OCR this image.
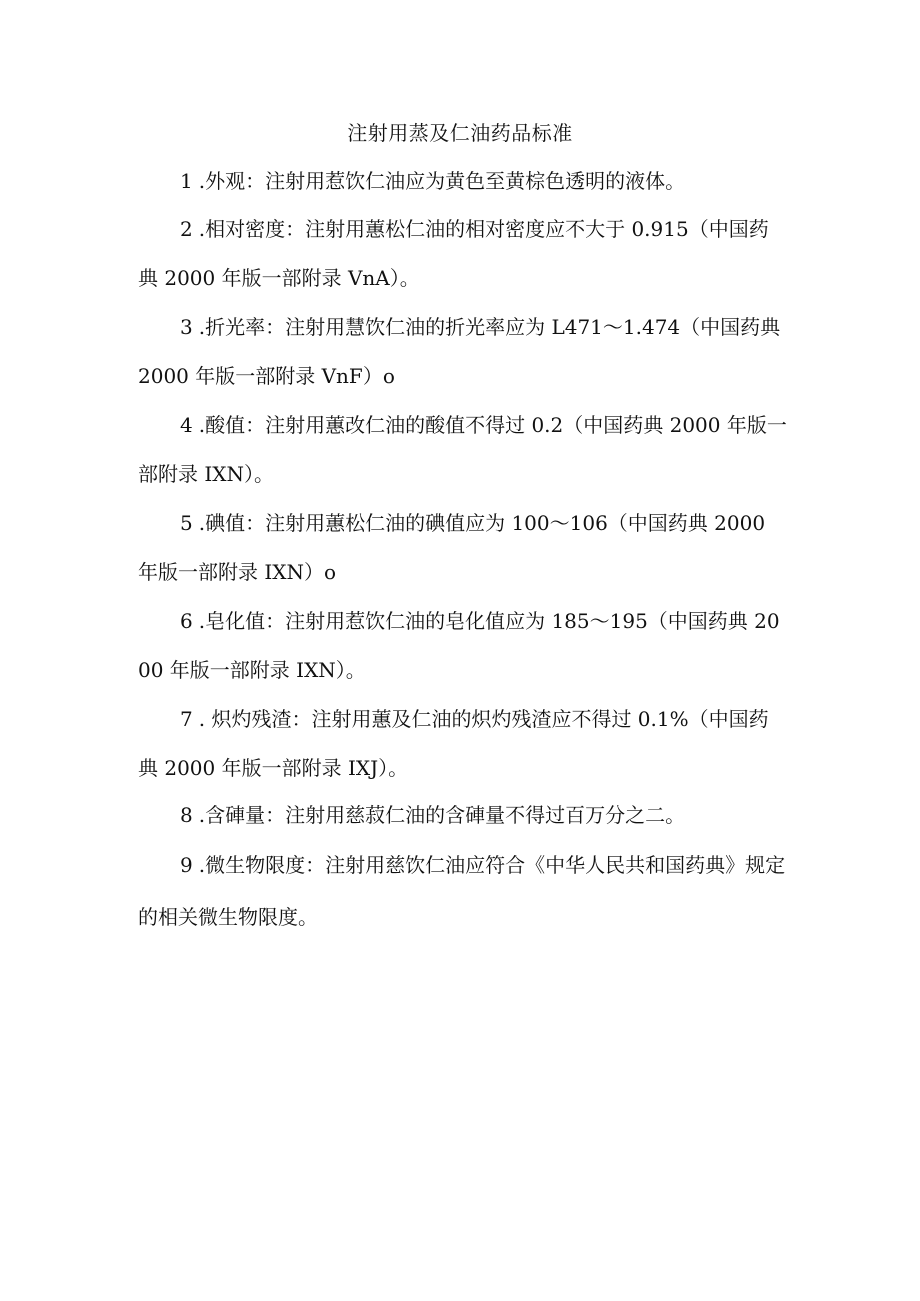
注射用蒸及仁油药品标准

1 .外观：注射用惹饮仁油应为黄色至黄棕色透明的液体。

2 .相对密度：注射用蕙松仁油的相对密度应不大于 0.915（中国药典 2000 年版一部附录 VnA）。

3 .折光率：注射用慧饮仁油的折光率应为 L471～1.474（中国药典 2000 年版一部附录 VnF）o

4 .酸值：注射用蕙改仁油的酸值不得过 0.2（中国药典 2000 年版一部附录 IXN）。

5 .碘值：注射用蕙松仁油的碘值应为 100～106（中国药典 2000 年版一部附录 IXN）o

6 .皂化值：注射用惹饮仁油的皂化值应为 185～195（中国药典 2000 年版一部附录 IXN）。

7 . 炽灼残渣：注射用蕙及仁油的炽灼残渣应不得过 0.1%（中国药典 2000 年版一部附录 IXJ）。

8 .含硨量：注射用慈菽仁油的含硨量不得过百万分之二。

9 .微生物限度：注射用慈饮仁油应符合《中华人民共和国药典》规定的相关微生物限度。
